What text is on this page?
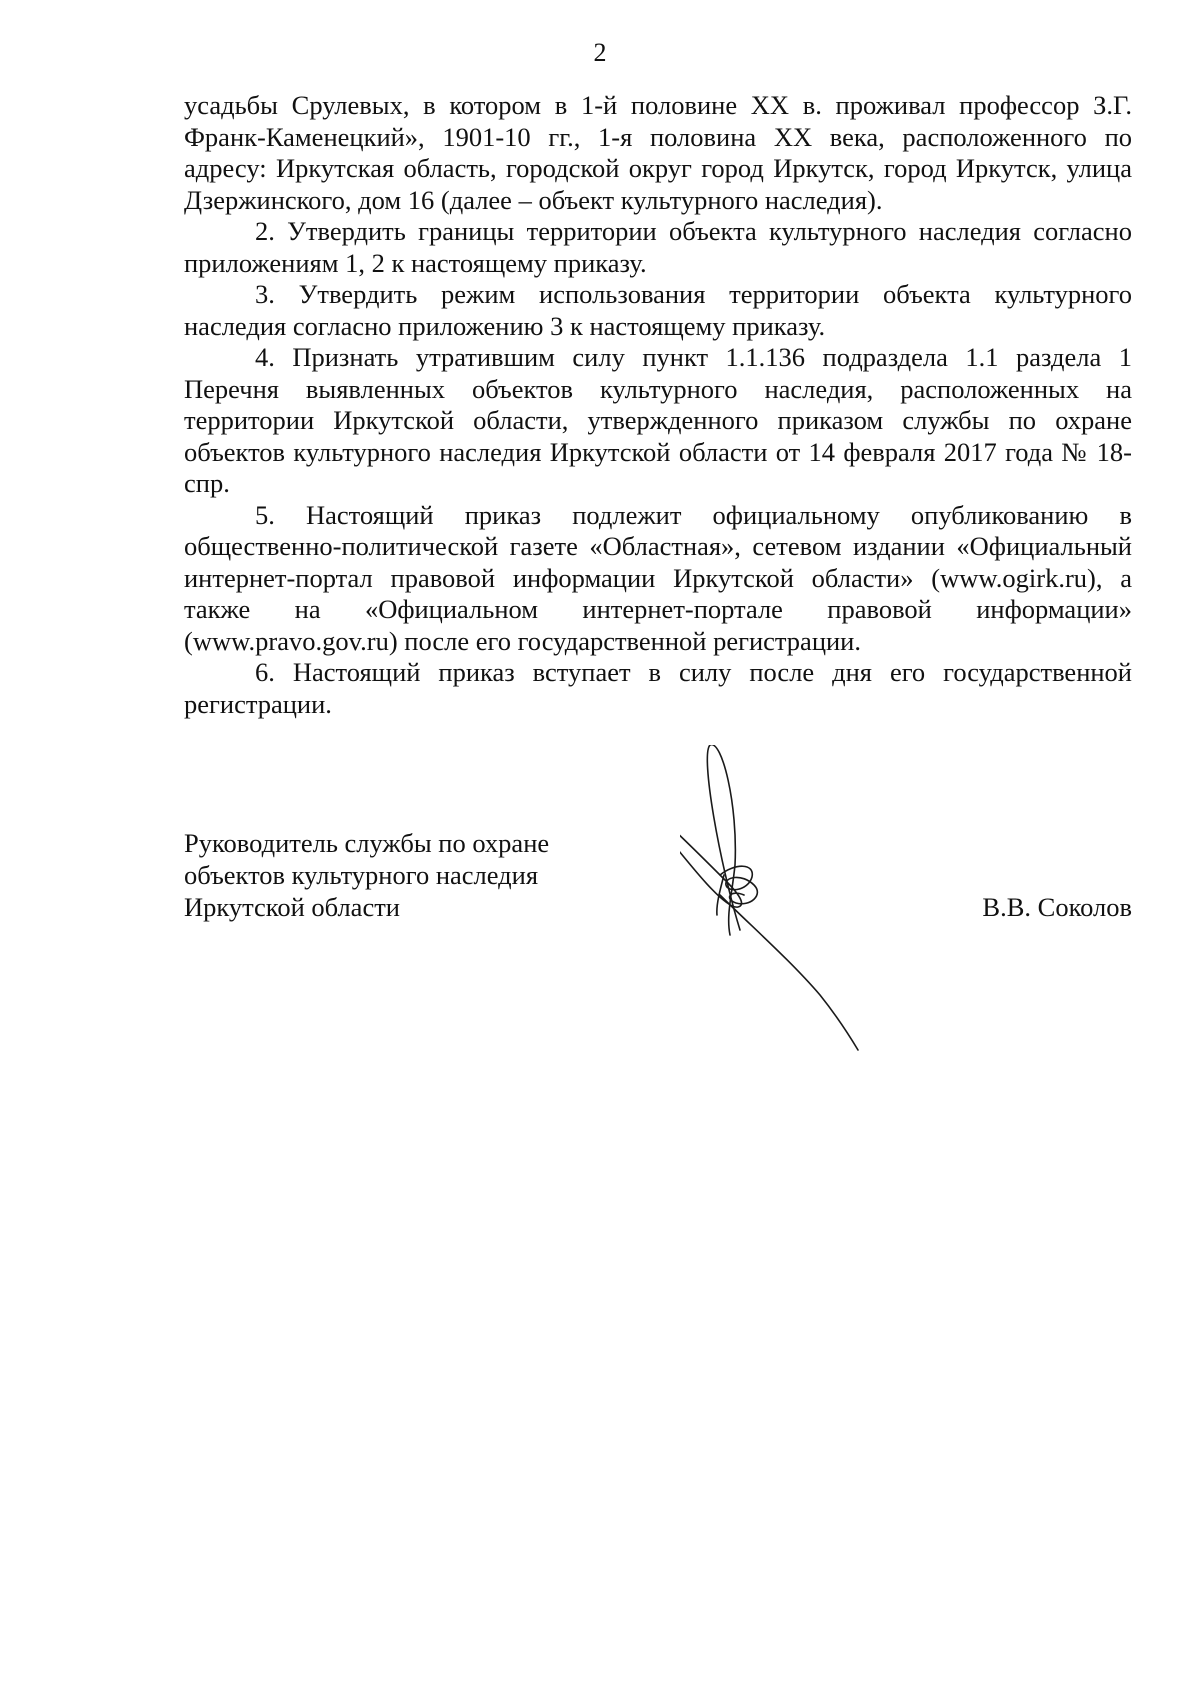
2

усадьбы Срулевых, в котором в 1-й половине XX в. проживал профессор З.Г. Франк-Каменецкий», 1901-10 гг., 1-я половина XX века, расположенного по адресу: Иркутская область, городской округ город Иркутск, город Иркутск, улица Дзержинского, дом 16 (далее – объект культурного наследия).

2. Утвердить границы территории объекта культурного наследия согласно приложениям 1, 2 к настоящему приказу.

3. Утвердить режим использования территории объекта культурного наследия согласно приложению 3 к настоящему приказу.

4. Признать утратившим силу пункт 1.1.136 подраздела 1.1 раздела 1 Перечня выявленных объектов культурного наследия, расположенных на территории Иркутской области, утвержденного приказом службы по охране объектов культурного наследия Иркутской области от 14 февраля 2017 года № 18-спр.

5. Настоящий приказ подлежит официальному опубликованию в общественно-политической газете «Областная», сетевом издании «Официальный интернет-портал правовой информации Иркутской области» (www.ogirk.ru), а также на «Официальном интернет-портале правовой информации» (www.pravo.gov.ru) после его государственной регистрации.

6. Настоящий приказ вступает в силу после дня его государственной регистрации.

Руководитель службы по охране
объектов культурного наследия
Иркутской области	В.В. Соколов
